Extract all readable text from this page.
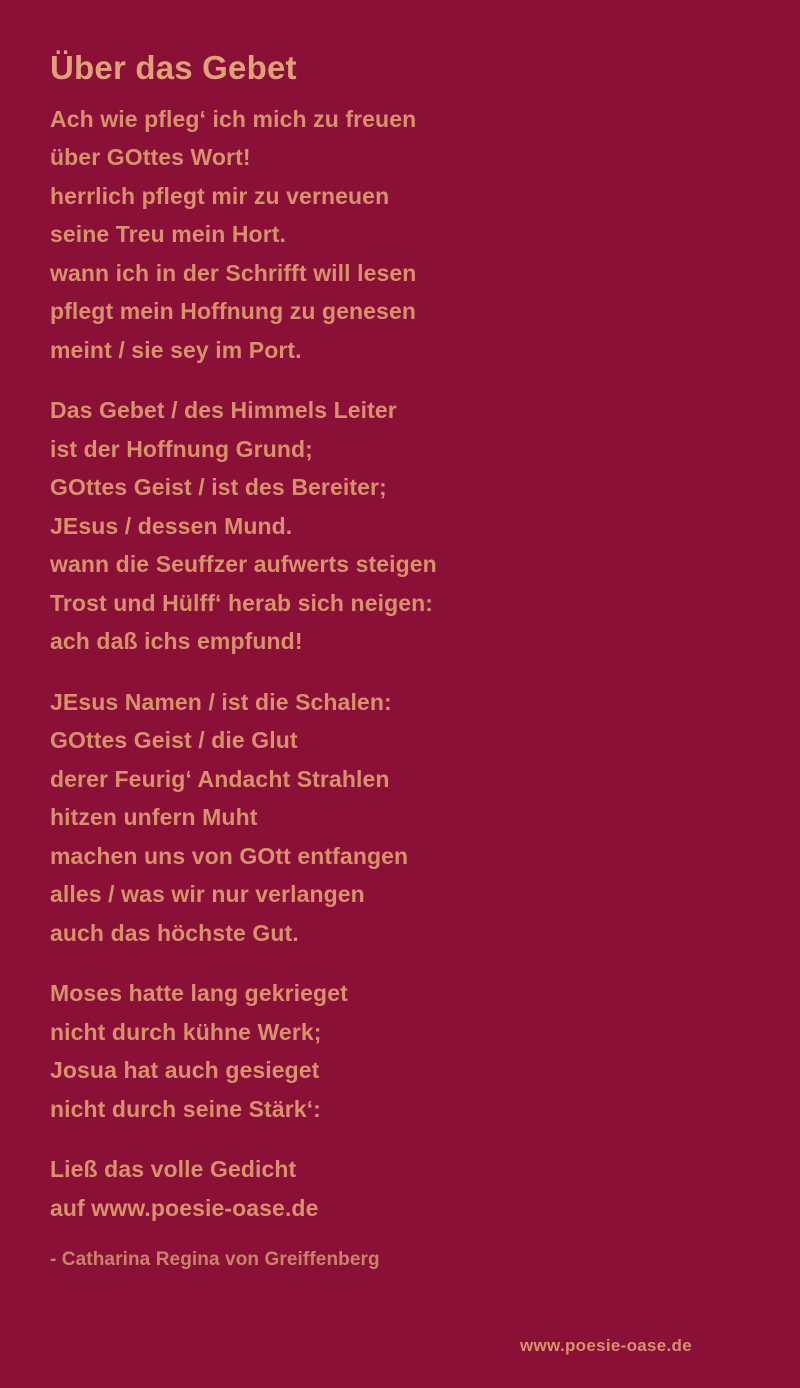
Über das Gebet
Ach wie pfleg‘ ich mich zu freuen
über GOttes Wort!
herrlich pflegt mir zu verneuen
seine Treu mein Hort.
wann ich in der Schrifft will lesen
pflegt mein Hoffnung zu genesen
meint / sie sey im Port.
Das Gebet / des Himmels Leiter
ist der Hoffnung Grund;
GOttes Geist / ist des Bereiter;
JEsus / dessen Mund.
wann die Seuffzer aufwerts steigen
Trost und Hülff‘ herab sich neigen:
ach daß ichs empfund!
JEsus Namen / ist die Schalen:
GOttes Geist / die Glut
derer Feurig‘ Andacht Strahlen
hitzen unfern Muht
machen uns von GOtt entfangen
alles / was wir nur verlangen
auch das höchste Gut.
Moses hatte lang gekrieget
nicht durch kühne Werk;
Josua hat auch gesieget
nicht durch seine Stärk‘:
Ließ das volle Gedicht
auf www.poesie-oase.de
- Catharina Regina von Greiffenberg
www.poesie-oase.de
